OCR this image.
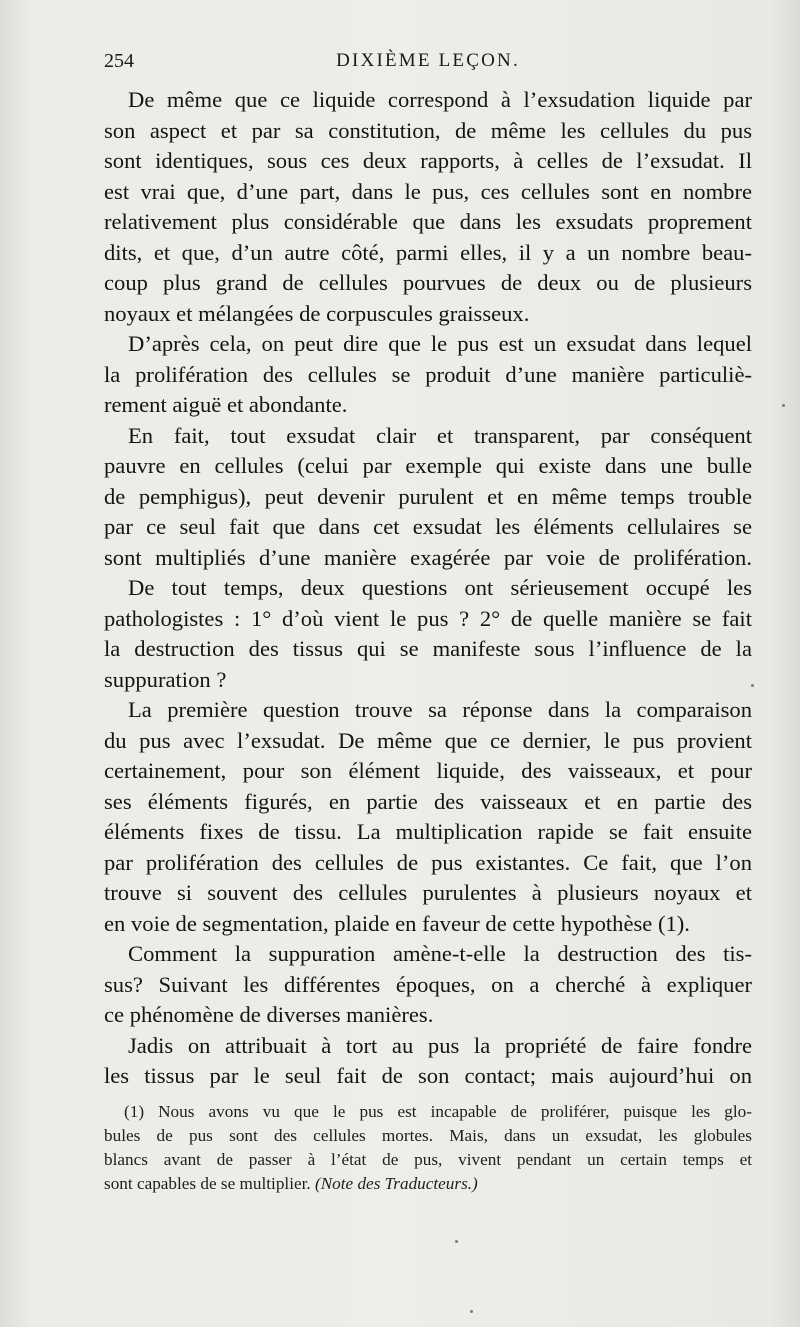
254	DIXIÈME LEÇON.
De même que ce liquide correspond à l’exsudation liquide par
son aspect et par sa constitution, de même les cellules du pus
sont identiques, sous ces deux rapports, à celles de l’exsudat. Il
est vrai que, d’une part, dans le pus, ces cellules sont en nombre
relativement plus considérable que dans les exsudats proprement
dits, et que, d’un autre côté, parmi elles, il y a un nombre beau-
coup plus grand de cellules pourvues de deux ou de plusieurs
noyaux et mélangées de corpuscules graisseux.
D’après cela, on peut dire que le pus est un exsudat dans lequel
la prolifération des cellules se produit d’une manière particuliè-
rement aiguë et abondante.
En fait, tout exsudat clair et transparent, par conséquent
pauvre en cellules (celui par exemple qui existe dans une bulle
de pemphigus), peut devenir purulent et en même temps trouble
par ce seul fait que dans cet exsudat les éléments cellulaires se
sont multipliés d’une manière exagérée par voie de prolifération.
De tout temps, deux questions ont sérieusement occupé les
pathologistes : 1° d’où vient le pus ? 2° de quelle manière se fait
la destruction des tissus qui se manifeste sous l’influence de la
suppuration ?
La première question trouve sa réponse dans la comparaison
du pus avec l’exsudat. De même que ce dernier, le pus provient
certainement, pour son élément liquide, des vaisseaux, et pour
ses éléments figurés, en partie des vaisseaux et en partie des
éléments fixes de tissu. La multiplication rapide se fait ensuite
par prolifération des cellules de pus existantes. Ce fait, que l’on
trouve si souvent des cellules purulentes à plusieurs noyaux et
en voie de segmentation, plaide en faveur de cette hypothèse (1).
Comment la suppuration amène-t-elle la destruction des tis-
sus? Suivant les différentes époques, on a cherché à expliquer
ce phénomène de diverses manières.
Jadis on attribuait à tort au pus la propriété de faire fondre
les tissus par le seul fait de son contact; mais aujourd’hui on
(1) Nous avons vu que le pus est incapable de proliférer, puisque les glo-
bules de pus sont des cellules mortes. Mais, dans un exsudat, les globules
blancs avant de passer à l’état de pus, vivent pendant un certain temps et
sont capables de se multiplier. (Note des Traducteurs.)
